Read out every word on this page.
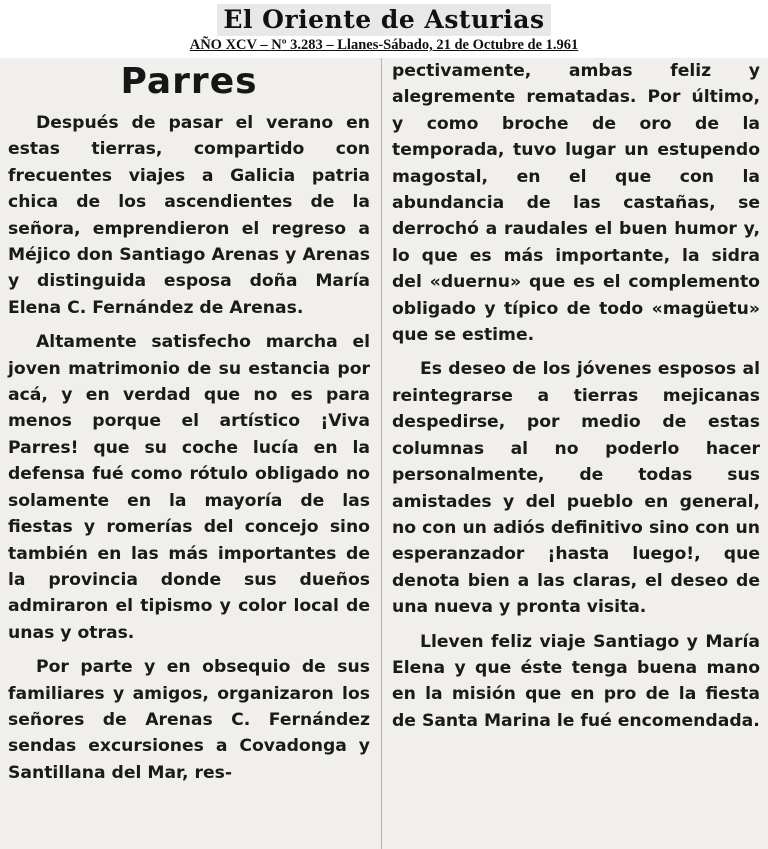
El Oriente de Asturias
AÑO XCV – Nº 3.283 – Llanes-Sábado, 21 de Octubre de 1.961
Parres

Después de pasar el verano en estas tierras, compartido con frecuentes viajes a Galicia patria chica de los ascendientes de la señora, emprendieron el regreso a Méjico don Santiago Arenas y Arenas y distinguida esposa doña María Elena C. Fernández de Arenas.

Altamente satisfecho marcha el joven matrimonio de su estancia por acá, y en verdad que no es para menos porque el artístico ¡Viva Parres! que su coche lucía en la defensa fué como rótulo obligado no solamente en la mayoría de las fiestas y romerías del concejo sino también en las más importantes de la provincia donde sus dueños admiraron el tipismo y color local de unas y otras.

Por parte y en obsequio de sus familiares y amigos, organizaron los señores de Arenas C. Fernández sendas excursiones a Covadonga y Santillana del Mar, res-

pectivamente, ambas feliz y alegremente rematadas. Por último, y como broche de oro de la temporada, tuvo lugar un estupendo magostal, en el que con la abundancia de las castañas, se derrochó a raudales el buen humor y, lo que es más importante, la sidra del «duernu» que es el complemento obligado y típico de todo «magüetu» que se estime.

Es deseo de los jóvenes esposos al reintegrarse a tierras mejicanas despedirse, por medio de estas columnas al no poderlo hacer personalmente, de todas sus amistades y del pueblo en general, no con un adiós definitivo sino con un esperanzador ¡hasta luego!, que denota bien a las claras, el deseo de una nueva y pronta visita.

Lleven feliz viaje Santiago y María Elena y que éste tenga buena mano en la misión que en pro de la fiesta de Santa Marina le fué encomendada.
